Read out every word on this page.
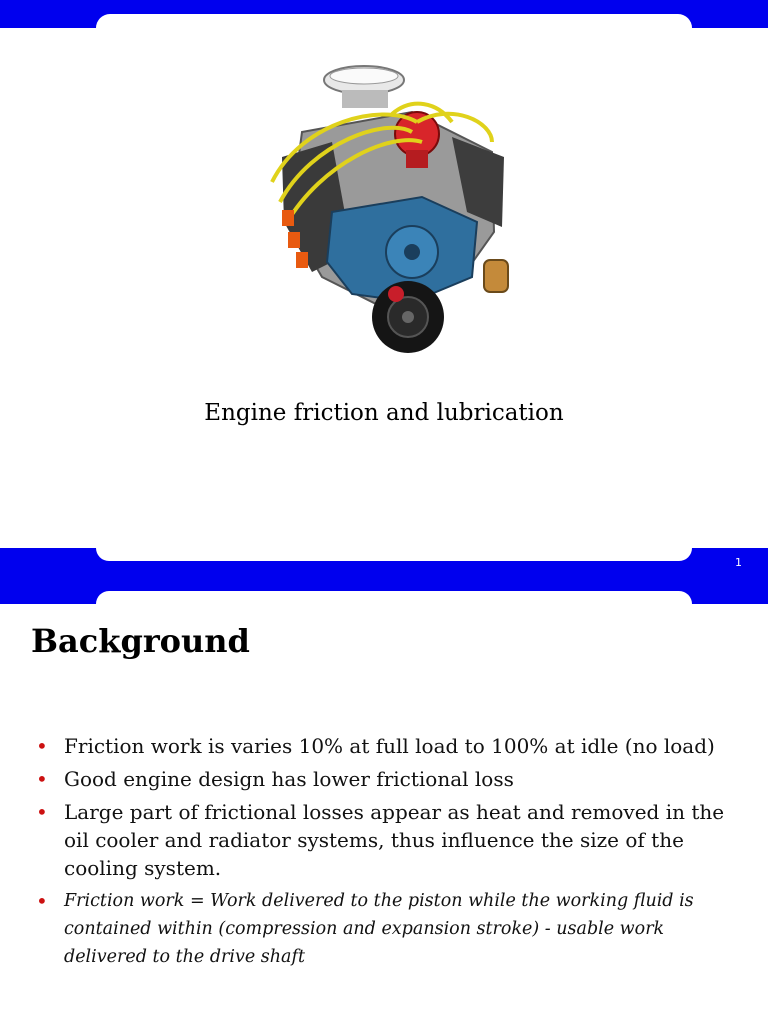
Engine friction and lubrication
1
Background
• Friction work is varies 10% at full load to 100% at idle (no load)
• Good engine design has lower frictional loss
• Large part of frictional losses appear as heat and removed in the oil cooler and radiator systems, thus influence the size of the cooling system.
• Friction work = Work delivered to the piston while the working fluid is contained within (compression and expansion stroke) - usable work delivered to the drive shaft
